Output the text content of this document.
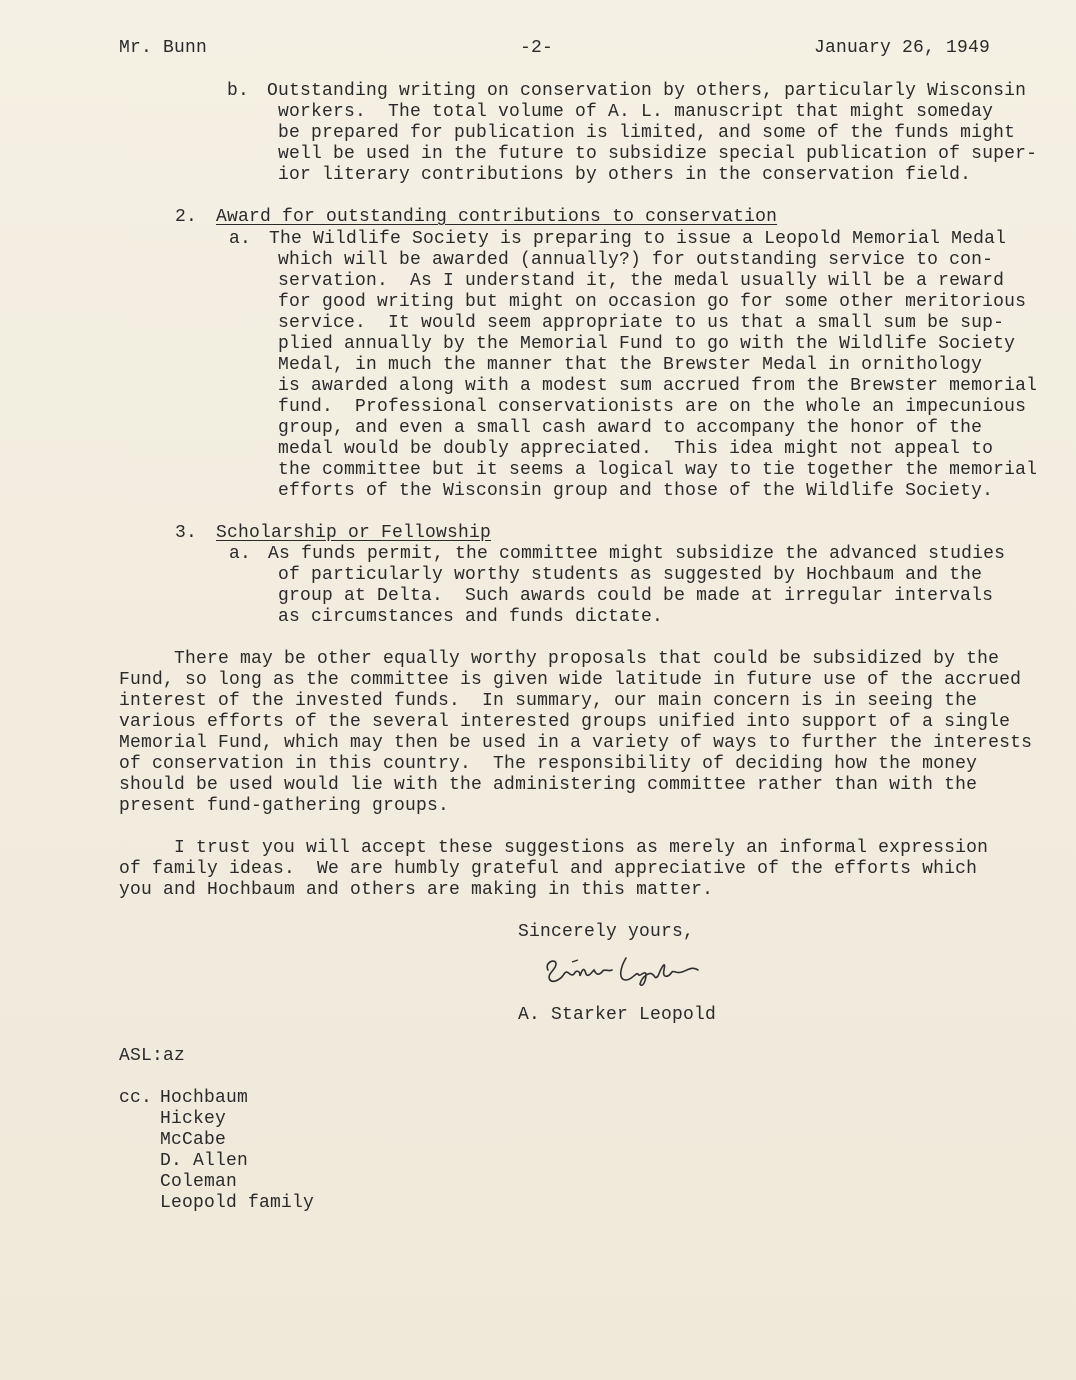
Mr. Bunn	-2-	January 26, 1949
b. Outstanding writing on conservation by others, particularly Wisconsin
workers.  The total volume of A. L. manuscript that might someday
be prepared for publication is limited, and some of the funds might
well be used in the future to subsidize special publication of super-
ior literary contributions by others in the conservation field.
2. Award for outstanding contributions to conservation
a. The Wildlife Society is preparing to issue a Leopold Memorial Medal
which will be awarded (annually?) for outstanding service to con-
servation.  As I understand it, the medal usually will be a reward
for good writing but might on occasion go for some other meritorious
service.  It would seem appropriate to us that a small sum be sup-
plied annually by the Memorial Fund to go with the Wildlife Society
Medal, in much the manner that the Brewster Medal in ornithology
is awarded along with a modest sum accrued from the Brewster memorial
fund.  Professional conservationists are on the whole an impecunious
group, and even a small cash award to accompany the honor of the
medal would be doubly appreciated.  This idea might not appeal to
the committee but it seems a logical way to tie together the memorial
efforts of the Wisconsin group and those of the Wildlife Society.
3. Scholarship or Fellowship
a. As funds permit, the committee might subsidize the advanced studies
of particularly worthy students as suggested by Hochbaum and the
group at Delta.  Such awards could be made at irregular intervals
as circumstances and funds dictate.
There may be other equally worthy proposals that could be subsidized by the
Fund, so long as the committee is given wide latitude in future use of the accrued
interest of the invested funds.  In summary, our main concern is in seeing the
various efforts of the several interested groups unified into support of a single
Memorial Fund, which may then be used in a variety of ways to further the interests
of conservation in this country.  The responsibility of deciding how the money
should be used would lie with the administering committee rather than with the
present fund-gathering groups.
I trust you will accept these suggestions as merely an informal expression
of family ideas.  We are humbly grateful and appreciative of the efforts which
you and Hochbaum and others are making in this matter.
Sincerely yours,
A. Starker Leopold
ASL:az
cc. Hochbaum
Hickey
McCabe
D. Allen
Coleman
Leopold family
